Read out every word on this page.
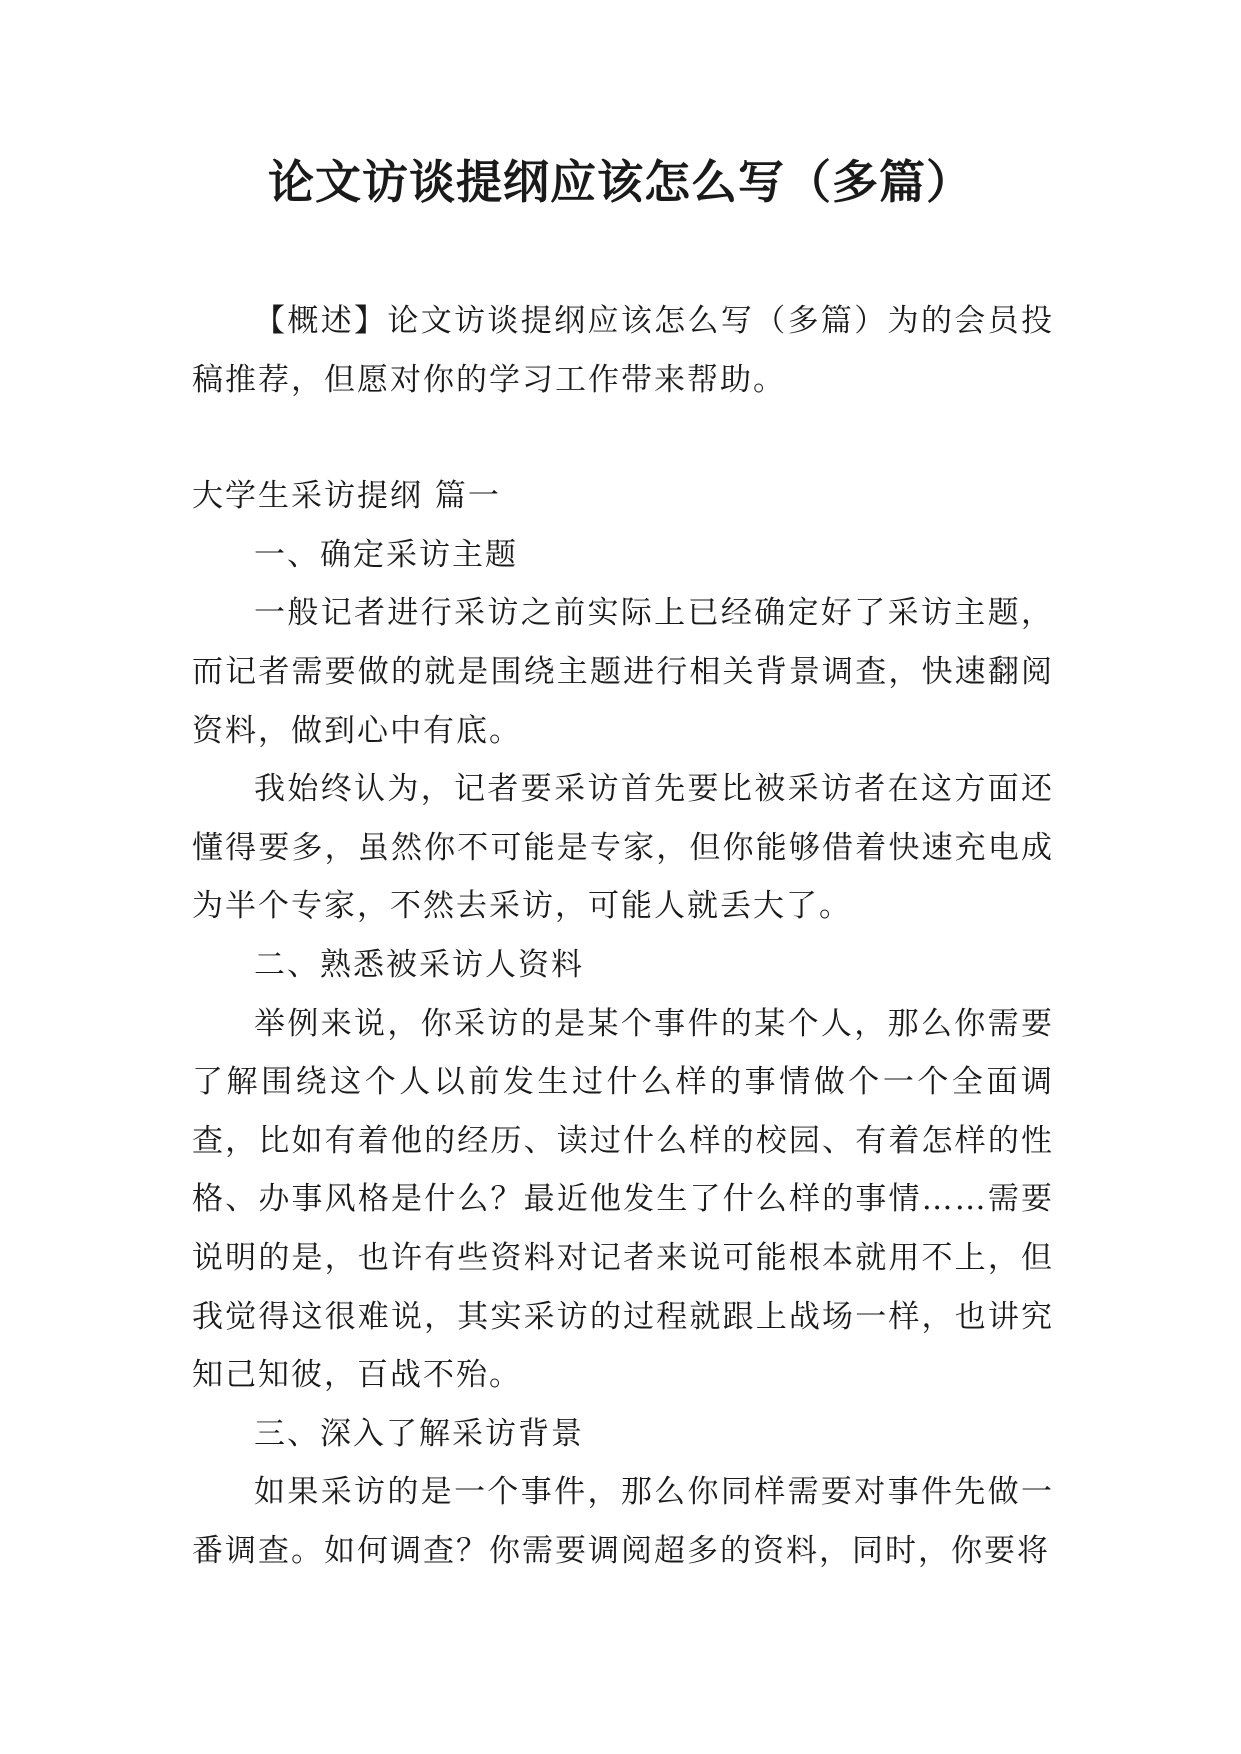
论文访谈提纲应该怎么写（多篇）

【概述】论文访谈提纲应该怎么写（多篇）为的会员投稿推荐，但愿对你的学习工作带来帮助。

大学生采访提纲 篇一

一、确定采访主题

一般记者进行采访之前实际上已经确定好了采访主题，而记者需要做的就是围绕主题进行相关背景调查，快速翻阅资料，做到心中有底。

我始终认为，记者要采访首先要比被采访者在这方面还懂得要多，虽然你不可能是专家，但你能够借着快速充电成为半个专家，不然去采访，可能人就丢大了。

二、熟悉被采访人资料

举例来说，你采访的是某个事件的某个人，那么你需要了解围绕这个人以前发生过什么样的事情做个一个全面调查，比如有着他的经历、读过什么样的校园、有着怎样的性格、办事风格是什么？最近他发生了什么样的事情……需要说明的是，也许有些资料对记者来说可能根本就用不上，但我觉得这很难说，其实采访的过程就跟上战场一样，也讲究知己知彼，百战不殆。

三、深入了解采访背景

如果采访的是一个事件，那么你同样需要对事件先做一番调查。如何调查？你需要调阅超多的资料，同时，你要将
